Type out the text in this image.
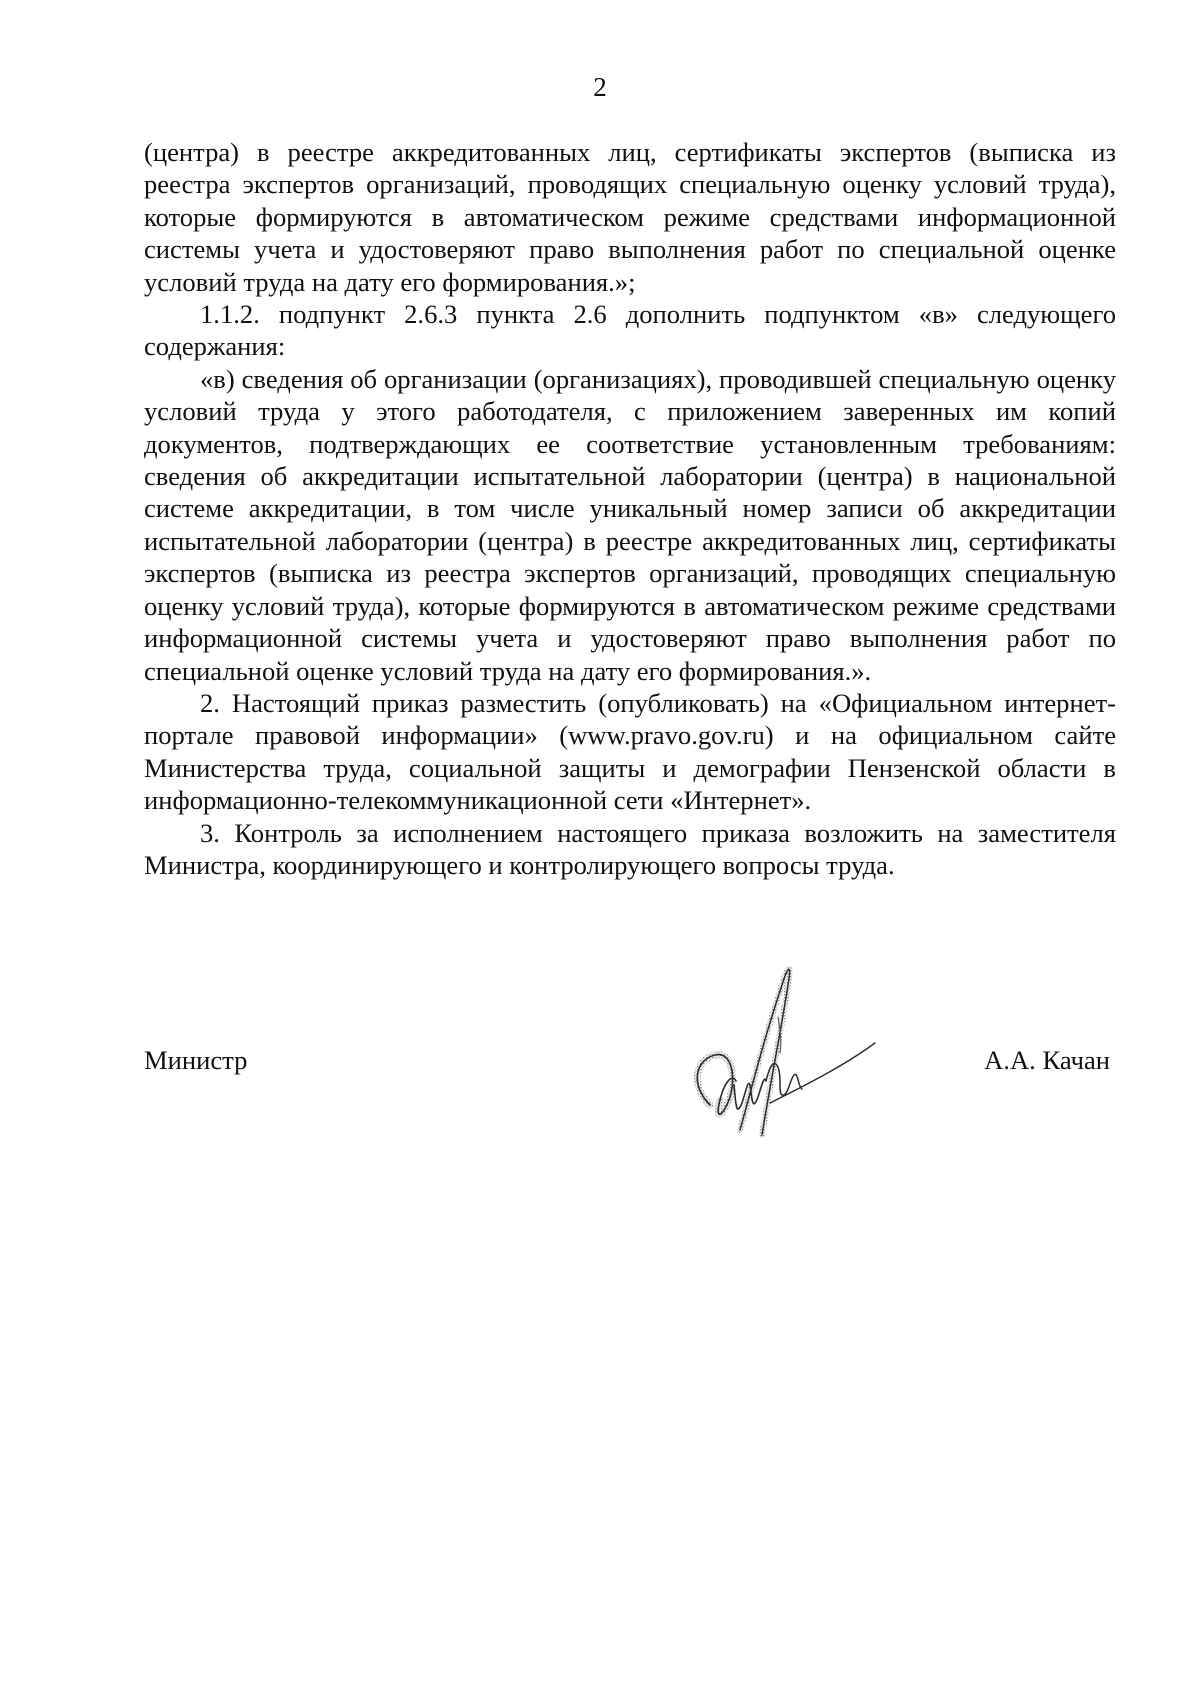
2

(центра) в реестре аккредитованных лиц, сертификаты экспертов (выписка из реестра экспертов организаций, проводящих специальную оценку условий труда), которые формируются в автоматическом режиме средствами информационной системы учета и удостоверяют право выполнения работ по специальной оценке условий труда на дату его формирования.»;

1.1.2. подпункт 2.6.3 пункта 2.6 дополнить подпунктом «в» следующего содержания:

«в) сведения об организации (организациях), проводившей специальную оценку условий труда у этого работодателя, с приложением заверенных им копий документов, подтверждающих ее соответствие установленным требованиям: сведения об аккредитации испытательной лаборатории (центра) в национальной системе аккредитации, в том числе уникальный номер записи об аккредитации испытательной лаборатории (центра) в реестре аккредитованных лиц, сертификаты экспертов (выписка из реестра экспертов организаций, проводящих специальную оценку условий труда), которые формируются в автоматическом режиме средствами информационной системы учета и удостоверяют право выполнения работ по специальной оценке условий труда на дату его формирования.».

2. Настоящий приказ разместить (опубликовать) на «Официальном интернет-портале правовой информации» (www.pravo.gov.ru) и на официальном сайте Министерства труда, социальной защиты и демографии Пензенской области в информационно-телекоммуникационной сети «Интернет».

3. Контроль за исполнением настоящего приказа возложить на заместителя Министра, координирующего и контролирующего вопросы труда.

Министр	А.А. Качан
